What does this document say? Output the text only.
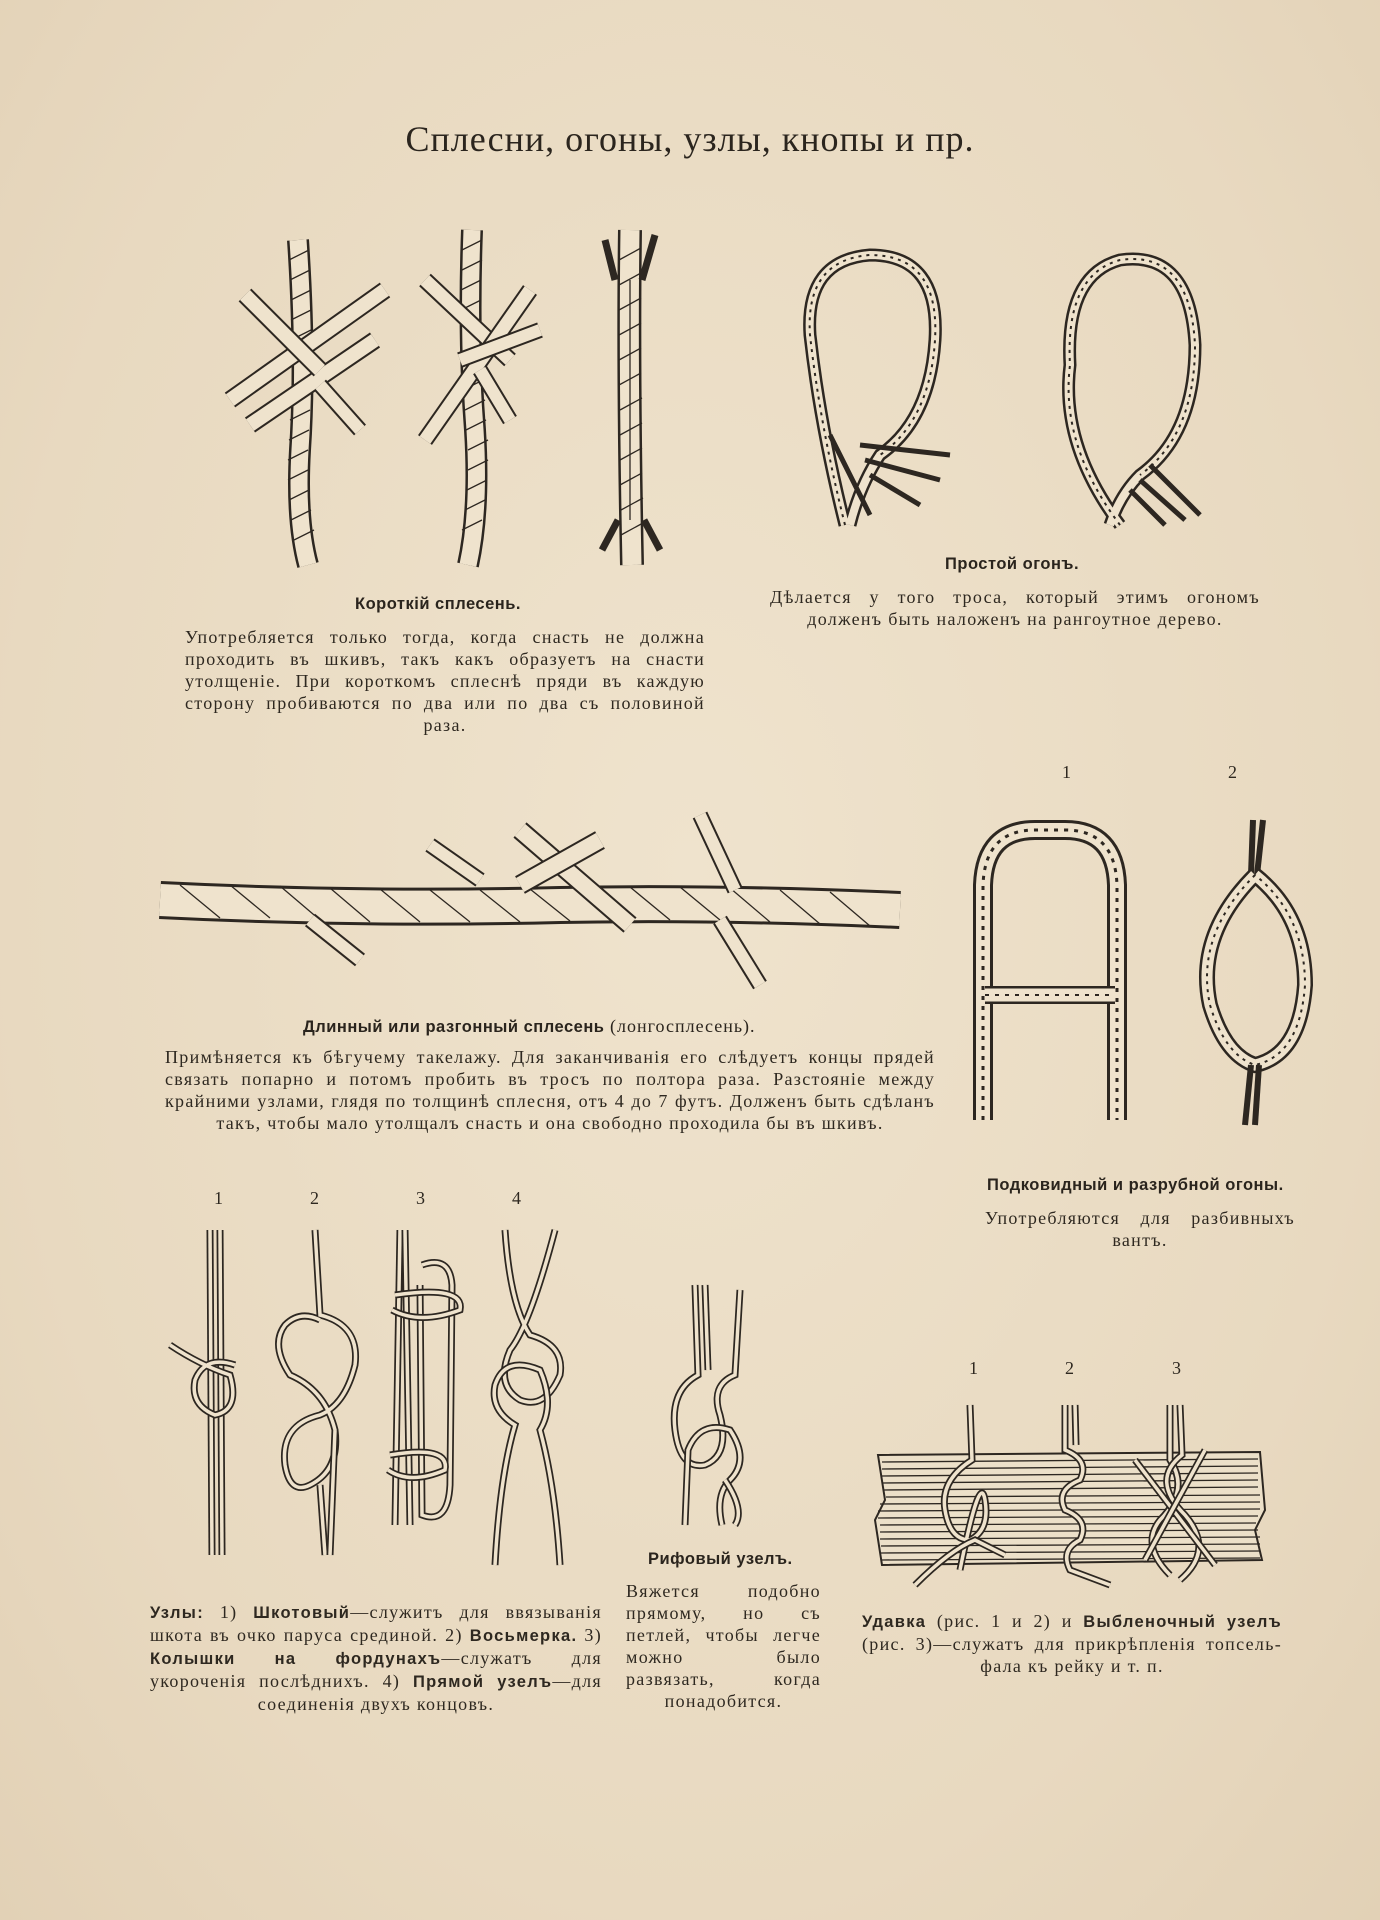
Сплесни, огоны, узлы, кнопы и пр.
Короткій сплесень.
Употребляется только тогда, когда снасть не должна проходить въ шкивъ, такъ какъ образуетъ на снасти утолщеніе. При короткомъ сплеснѣ пряди въ каждую сторону пробиваются по два или по два съ половиной раза.
Простой огонъ.
Дѣлается у того троса, который этимъ огономъ долженъ быть наложенъ на рангоутное дерево.
Длинный или разгонный сплесень (лонгосплесень).
Примѣняется къ бѣгучему такелажу. Для заканчиванія его слѣдуетъ концы прядей связать попарно и потомъ пробить въ тросъ по полтора раза. Разстояніе между крайними узлами, глядя по толщинѣ сплесня, отъ 4 до 7 футъ. Долженъ быть сдѣланъ такъ, чтобы мало утолщалъ снасть и она свободно проходила бы въ шкивъ.
1	2
Подковидный и разрубной огоны.
Употребляются для разбивныхъ вантъ.
1	2	3	4
Узлы: 1) Шкотовый—служитъ для ввязыванія шкота въ очко паруса срединой. 2) Восьмерка. 3) Колышки на фордунахъ—служатъ для укороченія послѣднихъ. 4) Прямой узелъ—для соединенія двухъ концовъ.
Рифовый узелъ.
Вяжется подобно прямому, но съ петлей, чтобы легче можно было развязать, когда понадобится.
1	2	3
Удавка (рис. 1 и 2) и Выбленочный узелъ (рис. 3)—служатъ для прикрѣпленія топсель-фала къ рейку и т. п.
